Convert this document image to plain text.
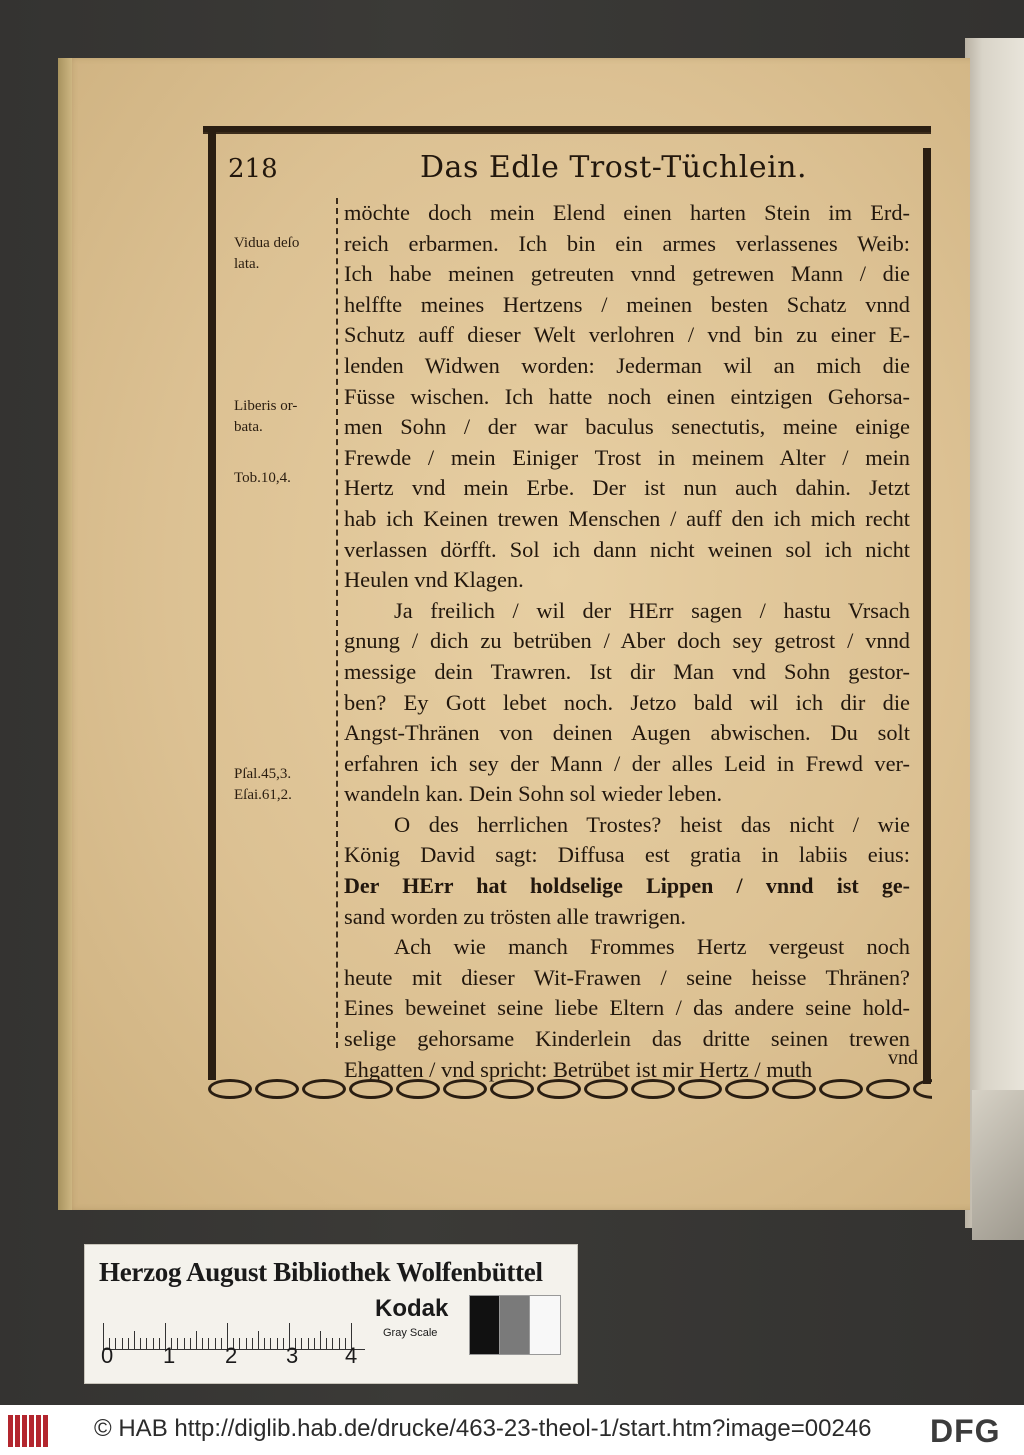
218	Das Edle Trost-Tüchlein.
Vidua deſo
lata.
Liberis or-
bata.
Tob.10,4.
Pſal.45,3.
Eſai.61,2.
möchte doch mein Elend einen harten Stein im Erd-
reich erbarmen. Ich bin ein armes verlassenes Weib:
Ich habe meinen getreuten vnnd getrewen Mann / die
helffte meines Hertzens / meinen besten Schatz vnnd
Schutz auff dieser Welt verlohren / vnd bin zu einer E-
lenden Widwen worden: Jederman wil an mich die
Füsse wischen. Ich hatte noch einen eintzigen Gehorsa-
men Sohn / der war baculus senectutis, meine einige
Frewde / mein Einiger Trost in meinem Alter / mein
Hertz vnd mein Erbe. Der ist nun auch dahin. Jetzt
hab ich Keinen trewen Menschen / auff den ich mich recht
verlassen dörfft. Sol ich dann nicht weinen sol ich nicht
Heulen vnd Klagen.
Ja freilich / wil der HErr sagen / hastu Vrsach
gnung / dich zu betrüben / Aber doch sey getrost / vnnd
messige dein Trawren. Ist dir Man vnd Sohn gestor-
ben? Ey Gott lebet noch. Jetzo bald wil ich dir die
Angst-Thränen von deinen Augen abwischen. Du solt
erfahren ich sey der Mann / der alles Leid in Frewd ver-
wandeln kan. Dein Sohn sol wieder leben.
O des herrlichen Trostes? heist das nicht / wie
König David sagt: Diffusa est gratia in labiis eius:
Der HErr hat holdselige Lippen / vnnd ist ge-
sand worden zu trösten alle trawrigen.
Ach wie manch Frommes Hertz vergeust noch
heute mit dieser Wit-Frawen / seine heisse Thränen?
Eines beweinet seine liebe Eltern / das andere seine hold-
selige gehorsame Kinderlein das dritte seinen trewen
Ehgatten / vnd spricht: Betrübet ist mir Hertz / muth	vnd
Herzog August Bibliothek Wolfenbüttel
0 1 2 3 4
Kodak
Gray Scale
© HAB http://diglib.hab.de/drucke/463-23-theol-1/start.htm?image=00246	DFG
